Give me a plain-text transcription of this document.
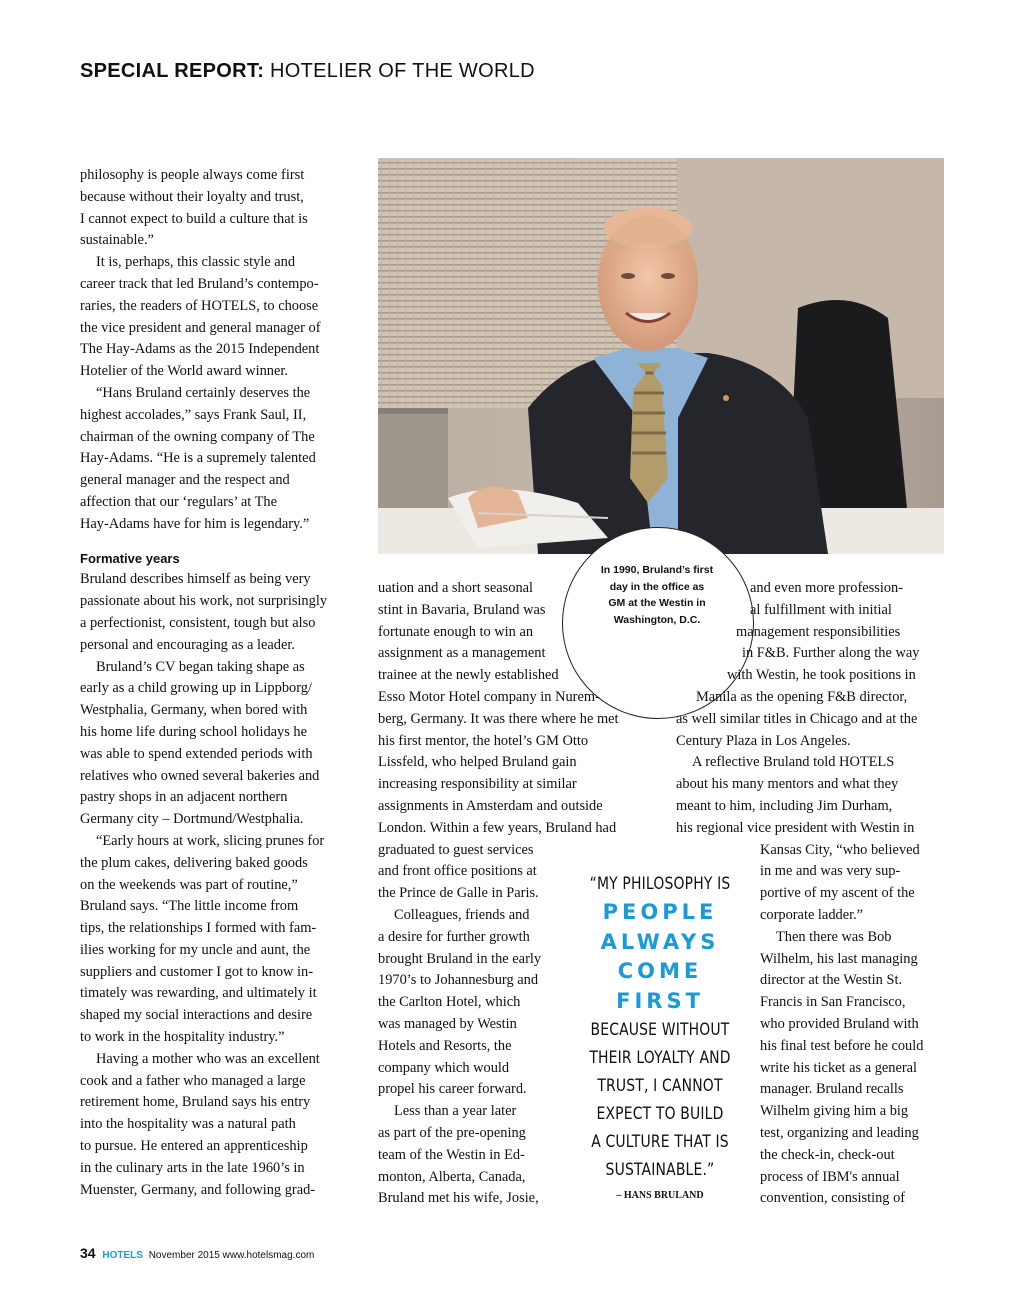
SPECIAL REPORT: HOTELIER OF THE WORLD

philosophy is people always come first

because without their loyalty and trust,

I cannot expect to build a culture that is

sustainable.”

It is, perhaps, this classic style and

career track that led Bruland’s contempo-

raries, the readers of HOTELS, to choose

the vice president and general manager of

The Hay-Adams as the 2015 Independent

Hotelier of the World award winner.

“Hans Bruland certainly deserves the

highest accolades,” says Frank Saul, II,

chairman of the owning company of The

Hay-Adams. “He is a supremely talented

general manager and the respect and

affection that our ‘regulars’ at The

Hay-Adams have for him is legendary.”

Formative years

Bruland describes himself as being very

passionate about his work, not surprisingly

a perfectionist, consistent, tough but also

personal and encouraging as a leader.

Bruland’s CV began taking shape as

early as a child growing up in Lippborg/

Westphalia, Germany, when bored with

his home life during school holidays he

was able to spend extended periods with

relatives who owned several bakeries and

pastry shops in an adjacent northern

Germany city – Dortmund/Westphalia.

“Early hours at work, slicing prunes for

the plum cakes, delivering baked goods

on the weekends was part of routine,”

Bruland says. “The little income from

tips, the relationships I formed with fam-

ilies working for my uncle and aunt, the

suppliers and customer I got to know in-

timately was rewarding, and ultimately it

shaped my social interactions and desire

to work in the hospitality industry.”

Having a mother who was an excellent

cook and a father who managed a large

retirement home, Bruland says his entry

into the hospitality was a natural path

to pursue. He entered an apprenticeship

in the culinary arts in the late 1960’s in

Muenster, Germany, and following grad-

In 1990, Bruland’s first
day in the office as
GM at the Westin in
Washington, D.C.

uation and a short seasonal

stint in Bavaria, Bruland was

fortunate enough to win an

assignment as a management

trainee at the newly established

Esso Motor Hotel company in Nurem-

berg, Germany. It was there where he met

his first mentor, the hotel’s GM Otto

Lissfeld, who helped Bruland gain

increasing responsibility at similar

assignments in Amsterdam and outside

London. Within a few years, Bruland had

graduated to guest services

and front office positions at

the Prince de Galle in Paris.

Colleagues, friends and

a desire for further growth

brought Bruland in the early

1970’s to Johannesburg and

the Carlton Hotel, which

was managed by Westin

Hotels and Resorts, the

company which would

propel his career forward.

Less than a year later

as part of the pre-opening

team of the Westin in Ed-

monton, Alberta, Canada,

Bruland met his wife, Josie,

and even more profession-

al fulfillment with initial

management responsibilities

in F&B. Further along the way

with Westin, he took positions in

Manila as the opening F&B director,

as well similar titles in Chicago and at the

Century Plaza in Los Angeles.

A reflective Bruland told HOTELS

about his many mentors and what they

meant to him, including Jim Durham,

his regional vice president with Westin in

Kansas City, “who believed

in me and was very sup-

portive of my ascent of the

corporate ladder.”

Then there was Bob

Wilhelm, his last managing

director at the Westin St.

Francis in San Francisco,

who provided Bruland with

his final test before he could

write his ticket as a general

manager. Bruland recalls

Wilhelm giving him a big

test, organizing and leading

the check-in, check-out

process of IBM's annual

convention, consisting of

“MY PHILOSOPHY IS
PEOPLE
ALWAYS
COME
FIRST
BECAUSE WITHOUT
THEIR LOYALTY AND
TRUST, I CANNOT
EXPECT TO BUILD
A CULTURE THAT IS
SUSTAINABLE.”
– HANS BRULAND
34 HOTELS November 2015 www.hotelsmag.com
